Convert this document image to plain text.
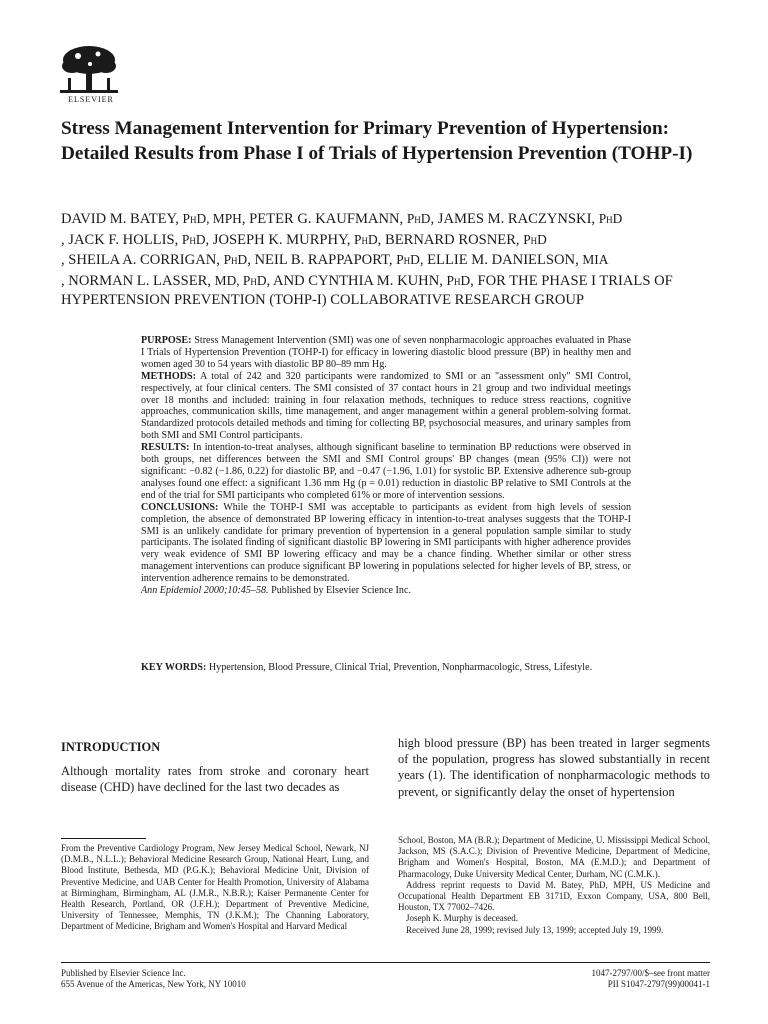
ELSEVIER
Stress Management Intervention for Primary Prevention of Hypertension: Detailed Results from Phase I of Trials of Hypertension Prevention (TOHP-I)
DAVID M. BATEY, PhD, MPH, PETER G. KAUFMANN, PhD, JAMES M. RACZYNSKI, PhD
, JACK F. HOLLIS, PhD, JOSEPH K. MURPHY, PhD, BERNARD ROSNER, PhD
, SHEILA A. CORRIGAN, PhD, NEIL B. RAPPAPORT, PhD, ELLIE M. DANIELSON, MIA
, NORMAN L. LASSER, MD, PhD, AND CYNTHIA M. KUHN, PhD, FOR THE PHASE I TRIALS OF HYPERTENSION PREVENTION (TOHP-I) COLLABORATIVE RESEARCH GROUP

PURPOSE: Stress Management Intervention (SMI) was one of seven nonpharmacologic approaches evaluated in Phase I Trials of Hypertension Prevention (TOHP-I) for efficacy in lowering diastolic blood pressure (BP) in healthy men and women aged 30 to 54 years with diastolic BP 80–89 mm Hg.

METHODS: A total of 242 and 320 participants were randomized to SMI or an "assessment only" SMI Control, respectively, at four clinical centers. The SMI consisted of 37 contact hours in 21 group and two individual meetings over 18 months and included: training in four relaxation methods, techniques to reduce stress reactions, cognitive approaches, communication skills, time management, and anger management within a general problem-solving format. Standardized protocols detailed methods and timing for collecting BP, psychosocial measures, and urinary samples from both SMI and SMI Control participants.

RESULTS: In intention-to-treat analyses, although significant baseline to termination BP reductions were observed in both groups, net differences between the SMI and SMI Control groups' BP changes (mean (95% CI)) were not significant: −0.82 (−1.86, 0.22) for diastolic BP, and −0.47 (−1.96, 1.01) for systolic BP. Extensive adherence sub-group analyses found one effect: a significant 1.36 mm Hg (p = 0.01) reduction in diastolic BP relative to SMI Controls at the end of the trial for SMI participants who completed 61% or more of intervention sessions.

CONCLUSIONS: While the TOHP-I SMI was acceptable to participants as evident from high levels of session completion, the absence of demonstrated BP lowering efficacy in intention-to-treat analyses suggests that the TOHP-I SMI is an unlikely candidate for primary prevention of hypertension in a general population sample similar to study participants. The isolated finding of significant diastolic BP lowering in SMI participants with higher adherence provides very weak evidence of SMI BP lowering efficacy and may be a chance finding. Whether similar or other stress management interventions can produce significant BP lowering in populations selected for higher levels of BP, stress, or intervention adherence remains to be demonstrated.

Ann Epidemiol 2000;10:45–58. Published by Elsevier Science Inc.

KEY WORDS: Hypertension, Blood Pressure, Clinical Trial, Prevention, Nonpharmacologic, Stress, Lifestyle.
INTRODUCTION
Although mortality rates from stroke and coronary heart disease (CHD) have declined for the last two decades as
high blood pressure (BP) has been treated in larger segments of the population, progress has slowed substantially in recent years (1). The identification of nonpharmacologic methods to prevent, or significantly delay the onset of hypertension
From the Preventive Cardiology Program, New Jersey Medical School, Newark, NJ (D.M.B., N.L.L.); Behavioral Medicine Research Group, National Heart, Lung, and Blood Institute, Bethesda, MD (P.G.K.); Behavioral Medicine Unit, Division of Preventive Medicine, and UAB Center for Health Promotion, University of Alabama at Birmingham, Birmingham, AL (J.M.R., N.B.R.); Kaiser Permanente Center for Health Research, Portland, OR (J.F.H.); Department of Preventive Medicine, University of Tennessee, Memphis, TN (J.K.M.); The Channing Laboratory, Department of Medicine, Brigham and Women's Hospital and Harvard Medical

School, Boston, MA (B.R.); Department of Medicine, U. Mississippi Medical School, Jackson, MS (S.A.C.); Division of Preventive Medicine, Department of Medicine, Brigham and Women's Hospital, Boston, MA (E.M.D.); and Department of Pharmacology, Duke University Medical Center, Durham, NC (C.M.K.).

Address reprint requests to David M. Batey, PhD, MPH, US Medicine and Occupational Health Department EB 3171D, Exxon Company, USA, 800 Bell, Houston, TX 77002–7426.

Joseph K. Murphy is deceased.

Received June 28, 1999; revised July 13, 1999; accepted July 19, 1999.

Published by Elsevier Science Inc.
655 Avenue of the Americas, New York, NY 10010
1047-2797/00/$–see front matter
PII S1047-2797(99)00041-1
